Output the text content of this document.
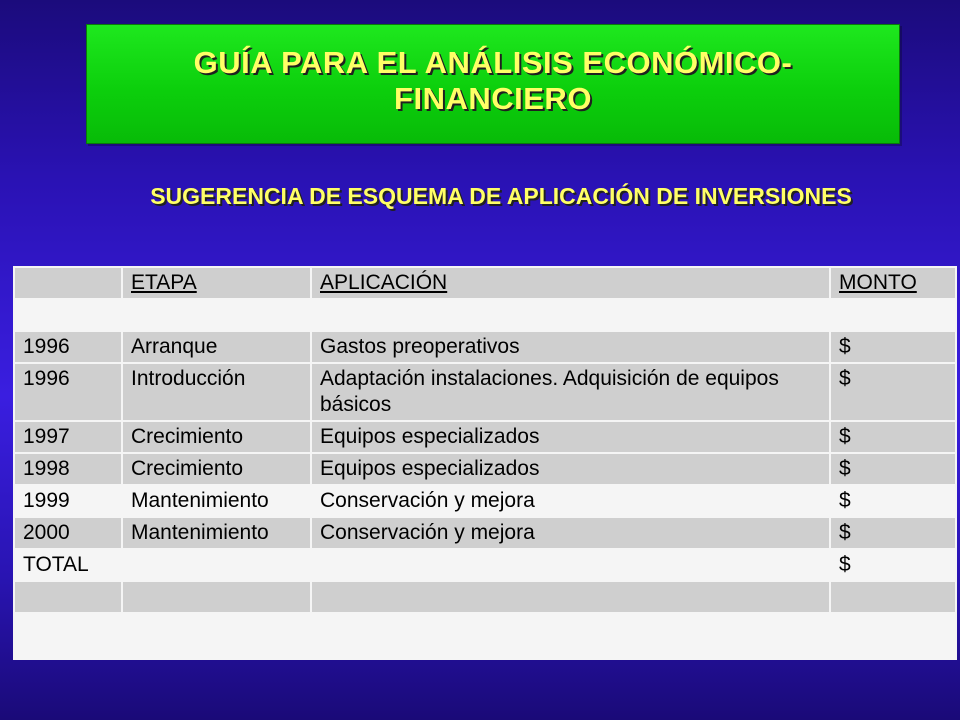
GUÍA PARA EL ANÁLISIS ECONÓMICO-FINANCIERO
SUGERENCIA DE ESQUEMA DE APLICACIÓN DE INVERSIONES
	ETAPA	APLICACIÓN	MONTO

1996	Arranque	Gastos preoperativos	$
1996	Introducción	Adaptación instalaciones. Adquisición de equipos básicos	$
1997	Crecimiento	Equipos especializados	$
1998	Crecimiento	Equipos especializados	$
1999	Mantenimiento	Conservación y mejora	$
2000	Mantenimiento	Conservación y mejora	$
TOTAL			$
